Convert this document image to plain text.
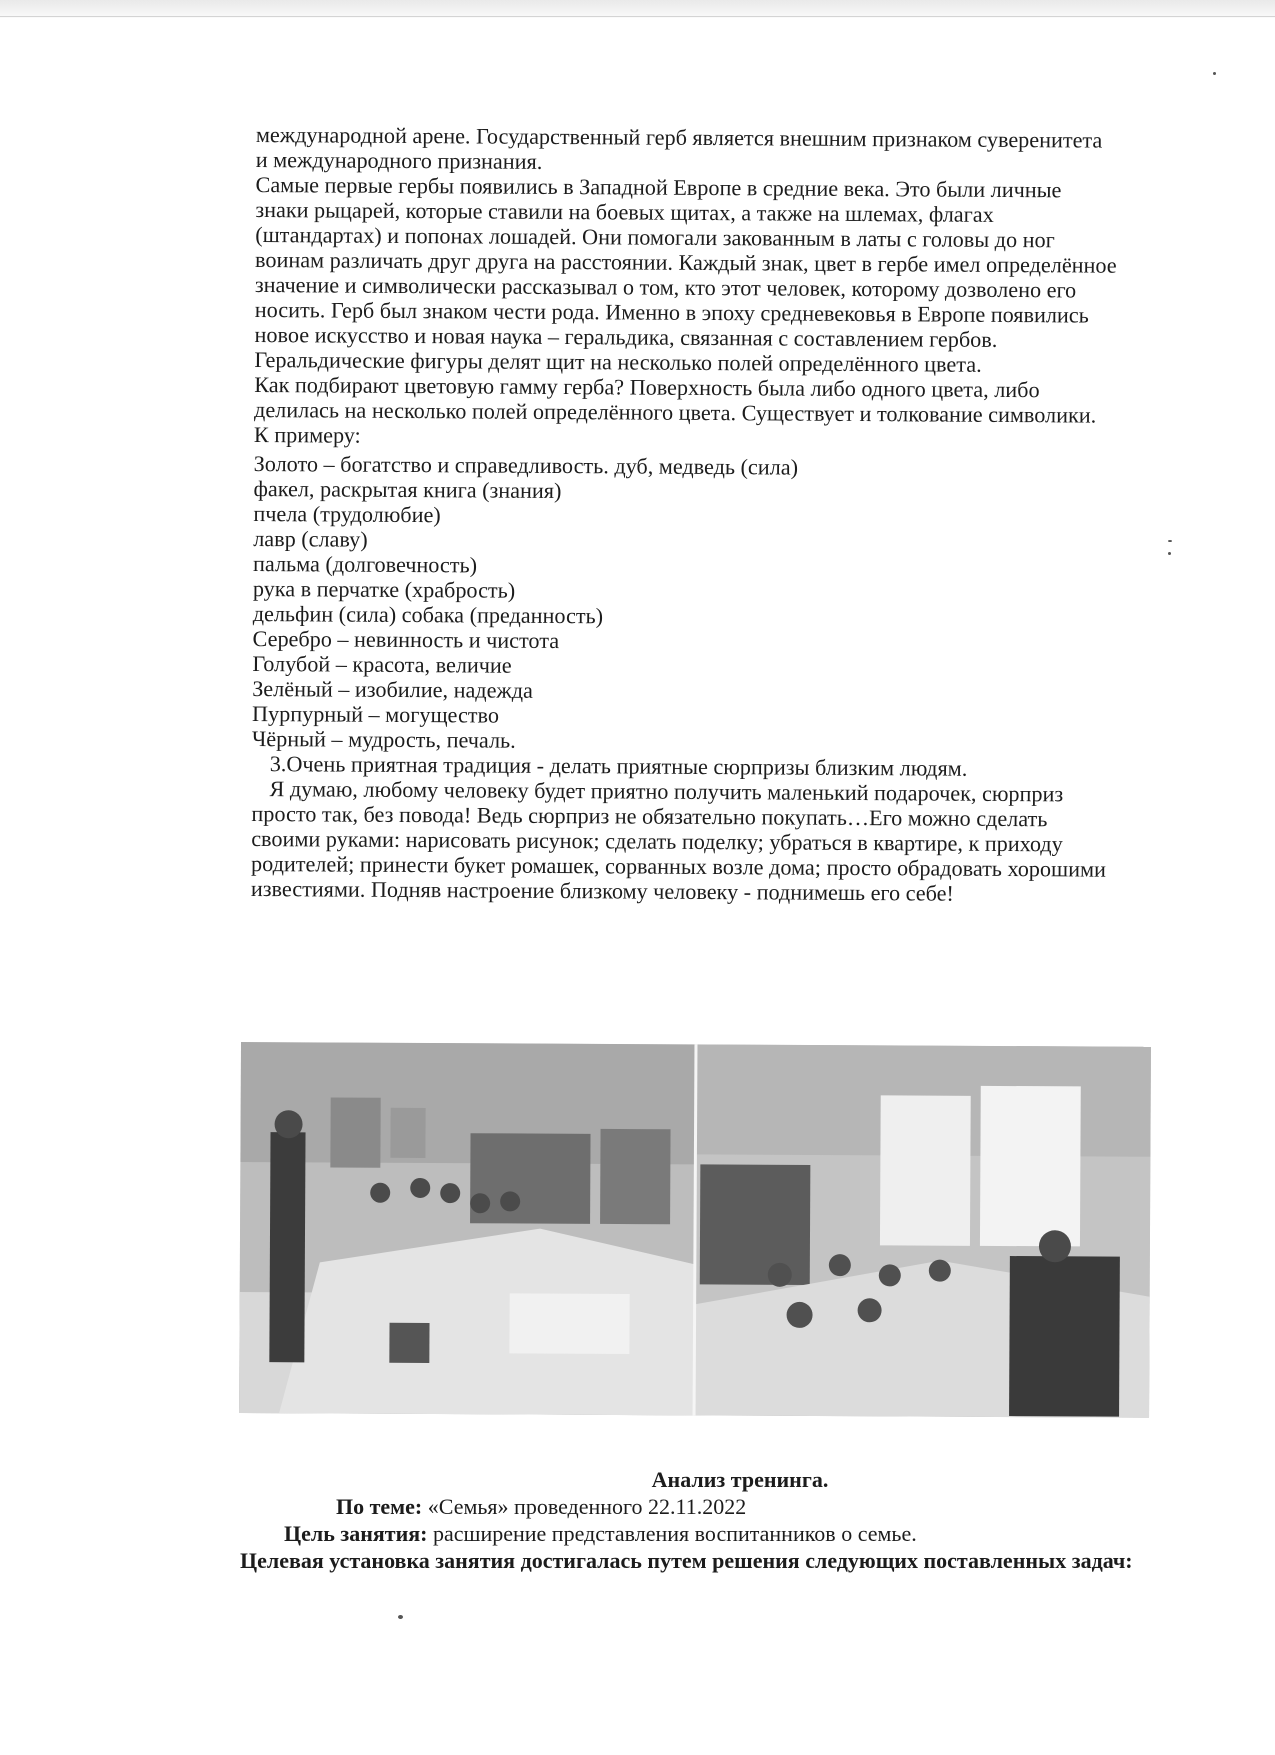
международной арене. Государственный герб является внешним признаком суверенитета

и международного признания.

Самые первые гербы появились в Западной Европе в средние века. Это были личные

знаки рыцарей, которые ставили на боевых щитах, а также на шлемах, флагах

(штандартах) и попонах лошадей. Они помогали закованным в латы с головы до ног

воинам различать друг друга на расстоянии. Каждый знак, цвет в гербе имел определённое

значение и символически рассказывал о том, кто этот человек, которому дозволено его

носить. Герб был знаком чести рода. Именно в эпоху средневековья в Европе появились

новое искусство и новая наука – геральдика, связанная с составлением гербов.

Геральдические фигуры делят щит на несколько полей определённого цвета.

Как подбирают цветовую гамму герба? Поверхность была либо одного цвета, либо

делилась на несколько полей определённого цвета. Существует и толкование символики.

К примеру:

Золото – богатство и справедливость. дуб, медведь (сила)

факел, раскрытая книга (знания)

пчела (трудолюбие)

лавр (славу)

пальма (долговечность)

рука в перчатке (храбрость)

дельфин (сила) собака (преданность)

Серебро – невинность и чистота

Голубой – красота, величие

Зелёный – изобилие, надежда

Пурпурный – могущество

Чёрный – мудрость, печаль.

3.Очень приятная традиция - делать приятные сюрпризы близким людям.

Я думаю, любому человеку будет приятно получить маленький подарочек, сюрприз

просто так, без повода! Ведь сюрприз не обязательно покупать…Его можно сделать

своими руками: нарисовать рисунок; сделать поделку; убраться в квартире, к приходу

родителей; принести букет ромашек, сорванных возле дома; просто обрадовать хорошими

известиями. Подняв настроение близкому человеку - поднимешь его себе!

Анализ тренинга.

По теме: «Семья» проведенного 22.11.2022

Цель занятия: расширение представления воспитанников о семье.

Целевая установка занятия достигалась путем решения следующих поставленных задач:
